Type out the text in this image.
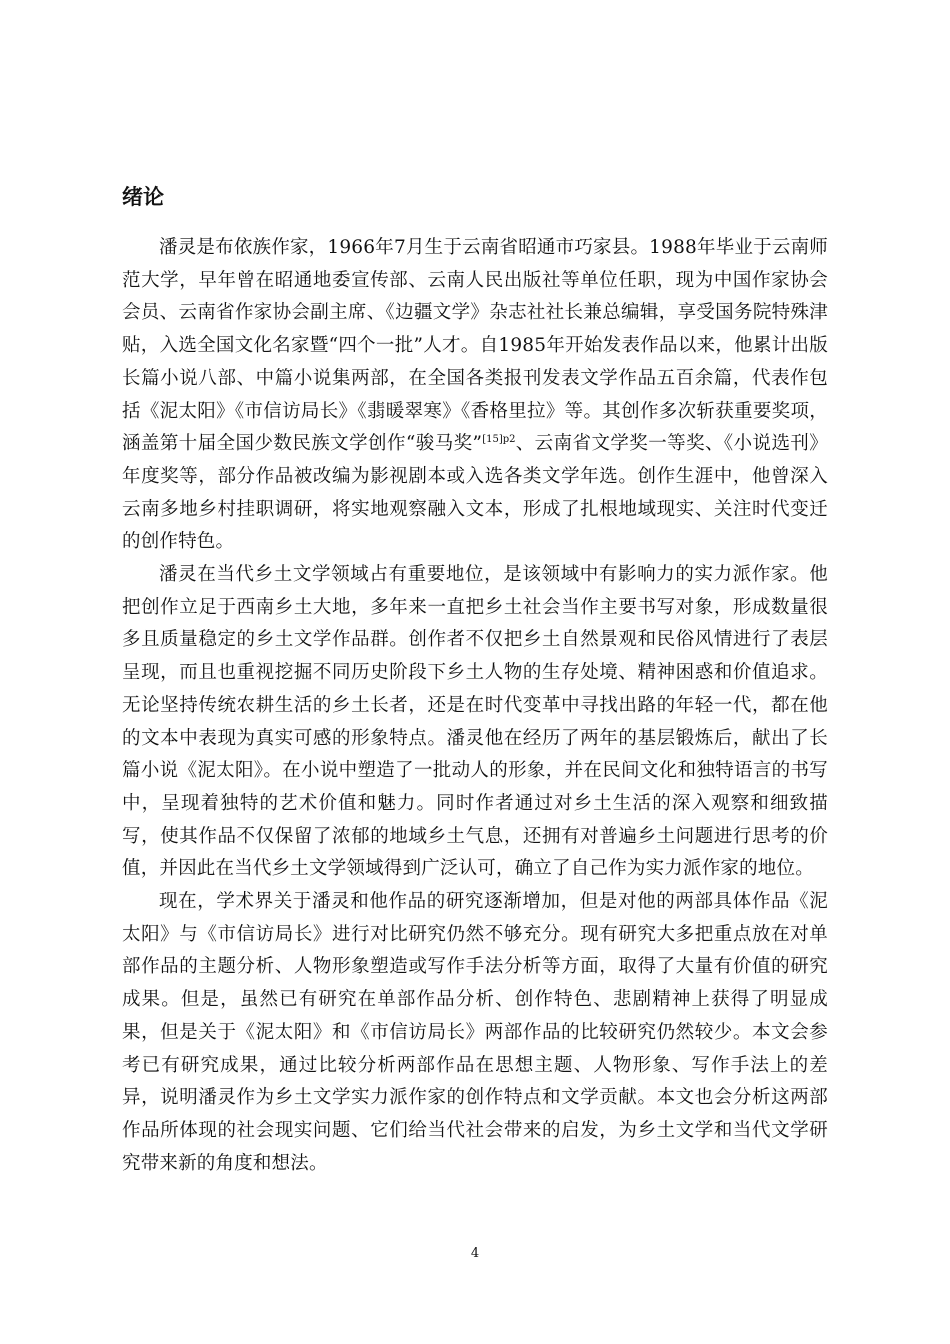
绪论

潘灵是布依族作家，1966年7月生于云南省昭通市巧家县。1988年毕业于云南师范大学，早年曾在昭通地委宣传部、云南人民出版社等单位任职，现为中国作家协会会员、云南省作家协会副主席、《边疆文学》杂志社社长兼总编辑，享受国务院特殊津贴，入选全国文化名家暨“四个一批”人才。自1985年开始发表作品以来，他累计出版长篇小说八部、中篇小说集两部，在全国各类报刊发表文学作品五百余篇，代表作包括《泥太阳》《市信访局长》《翡暖翠寒》《香格里拉》等。其创作多次斩获重要奖项，涵盖第十届全国少数民族文学创作“骏马奖”$^{[15]p2}$、云南省文学奖一等奖、《小说选刊》年度奖等，部分作品被改编为影视剧本或入选各类文学年选。创作生涯中，他曾深入云南多地乡村挂职调研，将实地观察融入文本，形成了扎根地域现实、关注时代变迁的创作特色。

潘灵在当代乡土文学领域占有重要地位，是该领域中有影响力的实力派作家。他把创作立足于西南乡土大地，多年来一直把乡土社会当作主要书写对象，形成数量很多且质量稳定的乡土文学作品群。创作者不仅把乡土自然景观和民俗风情进行了表层呈现，而且也重视挖掘不同历史阶段下乡土人物的生存处境、精神困惑和价值追求。无论坚持传统农耕生活的乡土长者，还是在时代变革中寻找出路的年轻一代，都在他的文本中表现为真实可感的形象特点。潘灵他在经历了两年的基层锻炼后，献出了长篇小说《泥太阳》。在小说中塑造了一批动人的形象，并在民间文化和独特语言的书写中，呈现着独特的艺术价值和魅力。同时作者通过对乡土生活的深入观察和细致描写，使其作品不仅保留了浓郁的地域乡土气息，还拥有对普遍乡土问题进行思考的价值，并因此在当代乡土文学领域得到广泛认可，确立了自己作为实力派作家的地位。

现在，学术界关于潘灵和他作品的研究逐渐增加，但是对他的两部具体作品《泥太阳》与《市信访局长》进行对比研究仍然不够充分。现有研究大多把重点放在对单部作品的主题分析、人物形象塑造或写作手法分析等方面，取得了大量有价值的研究成果。但是，虽然已有研究在单部作品分析、创作特色、悲剧精神上获得了明显成果，但是关于《泥太阳》和《市信访局长》两部作品的比较研究仍然较少。本文会参考已有研究成果，通过比较分析两部作品在思想主题、人物形象、写作手法上的差异，说明潘灵作为乡土文学实力派作家的创作特点和文学贡献。本文也会分析这两部作品所体现的社会现实问题、它们给当代社会带来的启发，为乡土文学和当代文学研究带来新的角度和想法。

4
